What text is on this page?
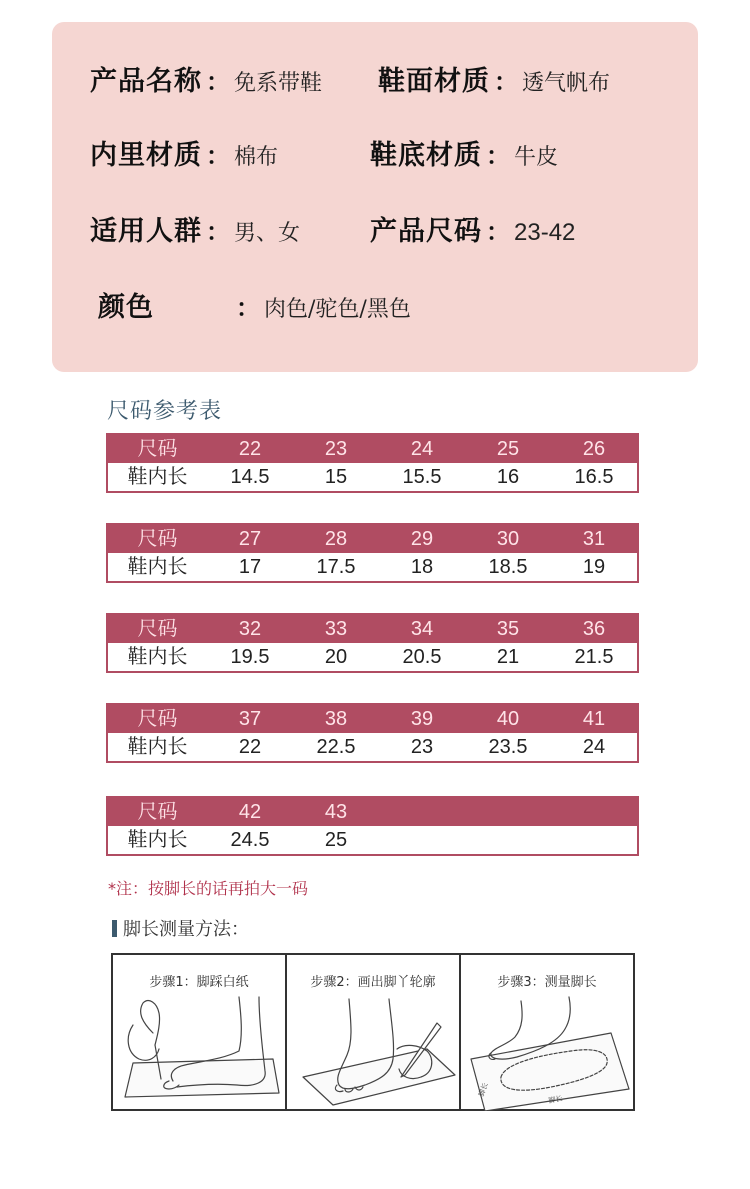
产品名称 ： 免系带鞋 鞋面材质 ： 透气帆布
内里材质 ： 棉布	鞋底材质 ： 牛皮
适用人群 ： 男、女	产品尺码 ： 23-42
颜色	： 肉色/驼色/黑色
尺码参考表
尺码	22	23	24	25	26
鞋内长	14.5	15	15.5	16	16.5
尺码	27	28	29	30	31
鞋内长	17	17.5	18	18.5	19
尺码	32	33	34	35	36
鞋内长	19.5	20	20.5	21	21.5
尺码	37	38	39	40	41
鞋内长	22	22.5	23	23.5	24
尺码	42	43
鞋内长	24.5	25
*注：按脚长的话再拍大一码
脚长测量方法：
步骤1：脚踩白纸	步骤2：画出脚丫轮廓	步骤3：测量脚长
脚长
脚长
